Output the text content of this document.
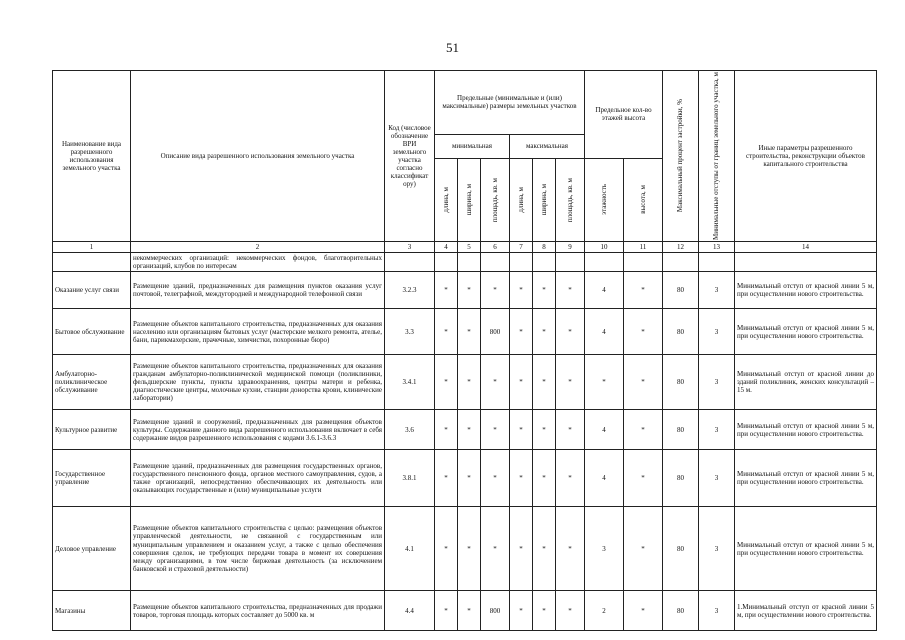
51
Наименование вида разрешенного использования земельного участка	Описание вида разрешенного использования земельного участка	Код (числовое обозначение ВРИ земельного участка согласно классификат ору)	Предельные (минимальные и (или) максимальные) размеры земельных участков						Предельное кол-во этажей высота		Максимальный процент застройки, %	Минимальные отступы от границ земельного участка, м	Иные параметры разрешенного строительства, реконструкции объектов капитального строительства
			минимальная			максимальная							

			длина, м	ширина, м	площадь, кв. м	длина, м	ширина, м	площадь, кв. м	этажность	высота, м			

1	2	3	4	5	6	7	8	9	10	11	12	13	14
	некоммерческих организаций: некоммерческих фондов, благотворительных организаций, клубов по интересам												
Оказание услуг связи	Размещение зданий, предназначенных для размещения пунктов оказания услуг почтовой, телеграфной, междугородней и международной телефонной связи	3.2.3	*	*	*	*	*	*	4	*	80	3	Минимальный отступ от красной линии 5 м, при осуществлении нового строительства.
Бытовое обслуживание	Размещение объектов капитального строительства, предназначенных для оказания населению или организациям бытовых услуг (мастерские мелкого ремонта, ателье, бани, парикмахерские, прачечные, химчистки, похоронные бюро)	3.3	*	*	800	*	*	*	4	*	80	3	Минимальный отступ от красной линии 5 м, при осуществлении нового строительства.
Амбулаторно-поликлиническое обслуживание	Размещение объектов капитального строительства, предназначенных для оказания гражданам амбулаторно-поликлинической медицинской помощи (поликлиники, фельдшерские пункты, пункты здравоохранения, центры матери и ребенка, диагностические центры, молочные кухни, станции донорства крови, клинические лаборатории)	3.4.1	*	*	*	*	*	*	*	*	80	3	Минимальный отступ от красной линии до зданий поликлиник, женских консультаций – 15 м.
Культурное развитие	Размещение зданий и сооружений, предназначенных для размещения объектов культуры. Содержание данного вида разрешенного использования включает в себя содержание видов разрешенного использования с кодами 3.6.1-3.6.3	3.6	*	*	*	*	*	*	4	*	80	3	Минимальный отступ от красной линии 5 м, при осуществлении нового строительства.
Государственное управление	Размещение зданий, предназначенных для размещения государственных органов, государственного пенсионного фонда, органов местного самоуправления, судов, а также организаций, непосредственно обеспечивающих их деятельность или оказывающих государственные и (или) муниципальные услуги	3.8.1	*	*	*	*	*	*	4	*	80	3	Минимальный отступ от красной линии 5 м, при осуществлении нового строительства.
Деловое управление	Размещение объектов капитального строительства с целью: размещения объектов управленческой деятельности, не связанной с государственным или муниципальным управлением и оказанием услуг, а также с целью обеспечения совершения сделок, не требующих передачи товара в момент их совершения между организациями, в том числе биржевая деятельность (за исключением банковской и страховой деятельности)	4.1	*	*	*	*	*	*	3	*	80	3	Минимальный отступ от красной линии 5 м, при осуществлении нового строительства.
Магазины	Размещение объектов капитального строительства, предназначенных для продажи товаров, торговая площадь которых составляет до 5000 кв. м	4.4	*	*	800	*	*	*	2	*	80	3	1.Минимальный отступ от красной линии 5 м, при осуществлении нового строительства.
